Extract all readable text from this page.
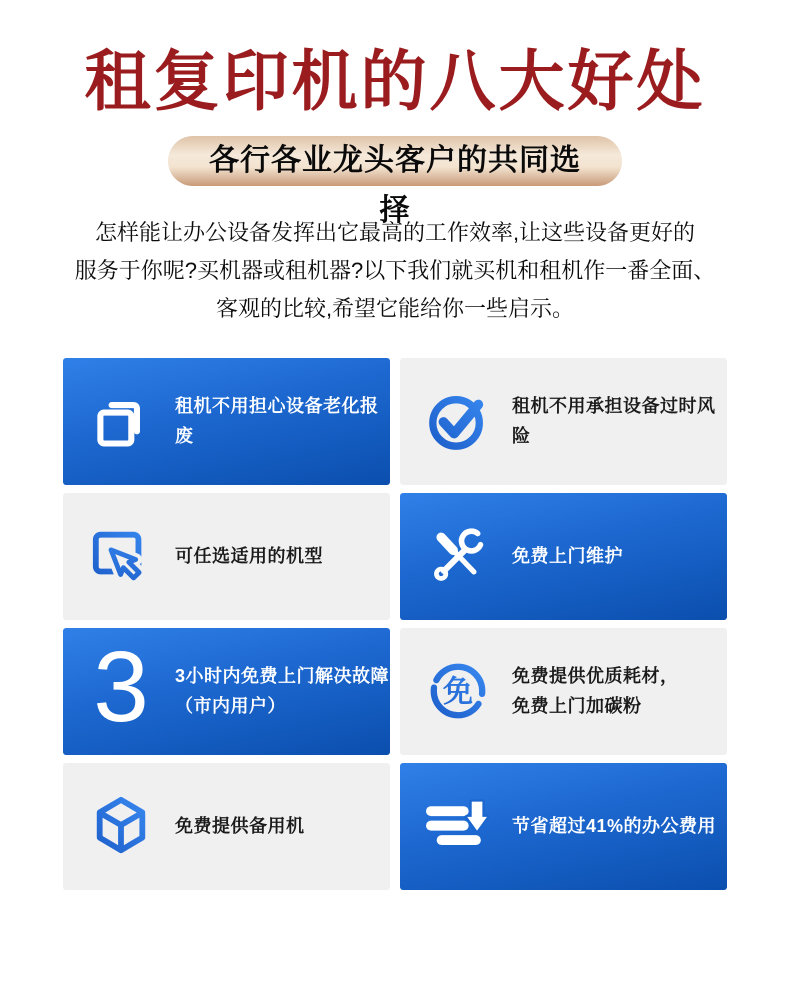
租复印机的八大好处
各行各业龙头客户的共同选择
怎样能让办公设备发挥出它最高的工作效率,让这些设备更好的
服务于你呢?买机器或租机器?以下我们就买机和租机作一番全面、
客观的比较,希望它能给你一些启示。
租机不用担心设备老化报废
租机不用承担设备过时风险
可任选适用的机型	免费上门维护
3 3小时内免费上门解决故障
（市内用户）	免 免费提供优质耗材，
免费上门加碳粉
免费提供备用机	节省超过41%的办公费用
